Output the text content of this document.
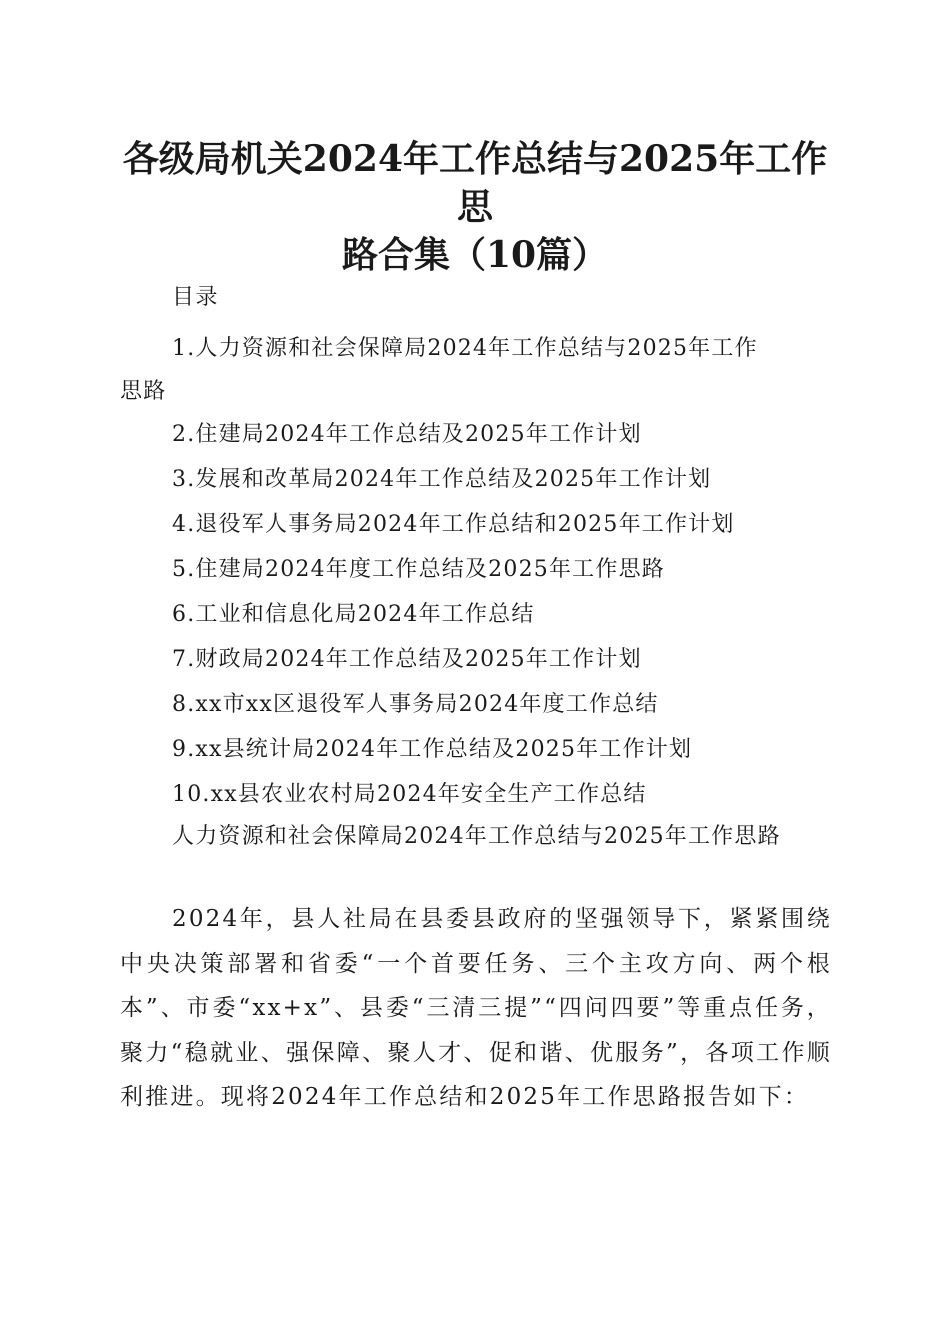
各级局机关2024年工作总结与2025年工作思
路合集（10篇）

目录

1.人力资源和社会保障局2024年工作总结与2025年工作
思路
2.住建局2024年工作总结及2025年工作计划
3.发展和改革局2024年工作总结及2025年工作计划
4.退役军人事务局2024年工作总结和2025年工作计划
5.住建局2024年度工作总结及2025年工作思路
6.工业和信息化局2024年工作总结
7.财政局2024年工作总结及2025年工作计划
8.xx市xx区退役军人事务局2024年度工作总结
9.xx县统计局2024年工作总结及2025年工作计划
10.xx县农业农村局2024年安全生产工作总结

人力资源和社会保障局2024年工作总结与2025年工作思路

2024年，县人社局在县委县政府的坚强领导下，紧紧围绕中央决策部署和省委“一个首要任务、三个主攻方向、两个根本”、市委“xx+x”、县委“三清三提”“四问四要”等重点任务，聚力“稳就业、强保障、聚人才、促和谐、优服务”，各项工作顺利推进。现将2024年工作总结和2025年工作思路报告如下：
